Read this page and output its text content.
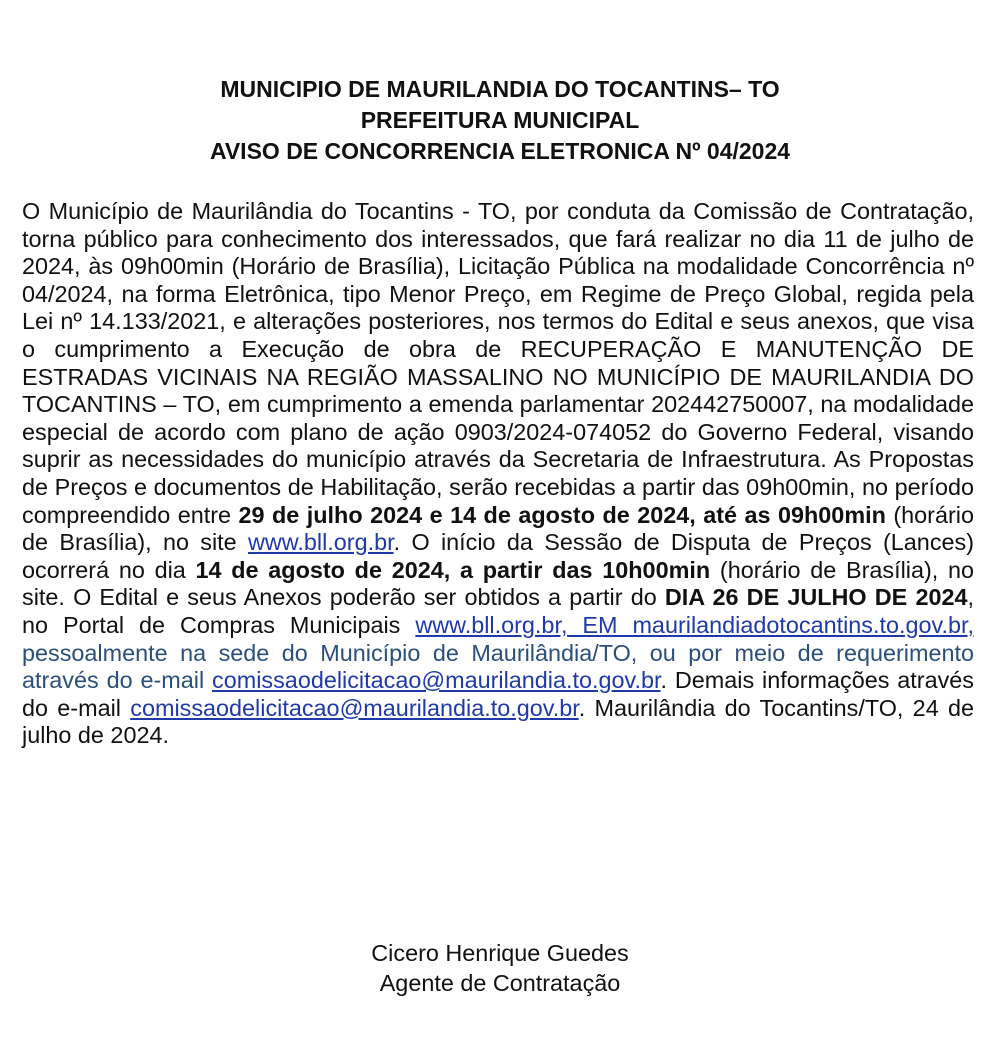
MUNICIPIO DE MAURILANDIA DO TOCANTINS– TO
PREFEITURA MUNICIPAL
AVISO DE CONCORRENCIA ELETRONICA Nº 04/2024
O Município de Maurilândia do Tocantins - TO, por conduta da Comissão de Contratação, torna público para conhecimento dos interessados, que fará realizar no dia 11 de julho de 2024, às 09h00min (Horário de Brasília), Licitação Pública na modalidade Concorrência nº 04/2024, na forma Eletrônica, tipo Menor Preço, em Regime de Preço Global, regida pela Lei nº 14.133/2021, e alterações posteriores, nos termos do Edital e seus anexos, que visa o cumprimento a Execução de obra de RECUPERAÇÃO E MANUTENÇÃO DE ESTRADAS VICINAIS NA REGIÃO MASSALINO NO MUNICÍPIO DE MAURILANDIA DO TOCANTINS – TO, em cumprimento a emenda parlamentar 202442750007, na modalidade especial de acordo com plano de ação 0903/2024-074052 do Governo Federal, visando suprir as necessidades do município através da Secretaria de Infraestrutura. As Propostas de Preços e documentos de Habilitação, serão recebidas a partir das 09h00min, no período compreendido entre 29 de julho 2024 e 14 de agosto de 2024, até as 09h00min (horário de Brasília), no site www.bll.org.br. O início da Sessão de Disputa de Preços (Lances) ocorrerá no dia 14 de agosto de 2024, a partir das 10h00min (horário de Brasília), no site. O Edital e seus Anexos poderão ser obtidos a partir do DIA 26 DE JULHO DE 2024, no Portal de Compras Municipais www.bll.org.br, EM maurilandiadotocantins.to.gov.br, pessoalmente na sede do Município de Maurilândia/TO, ou por meio de requerimento através do e-mail comissaodelicitacao@maurilandia.to.gov.br. Demais informações através do e-mail comissaodelicitacao@maurilandia.to.gov.br. Maurilândia do Tocantins/TO, 24 de julho de 2024.
Cicero Henrique Guedes
Agente de Contratação
